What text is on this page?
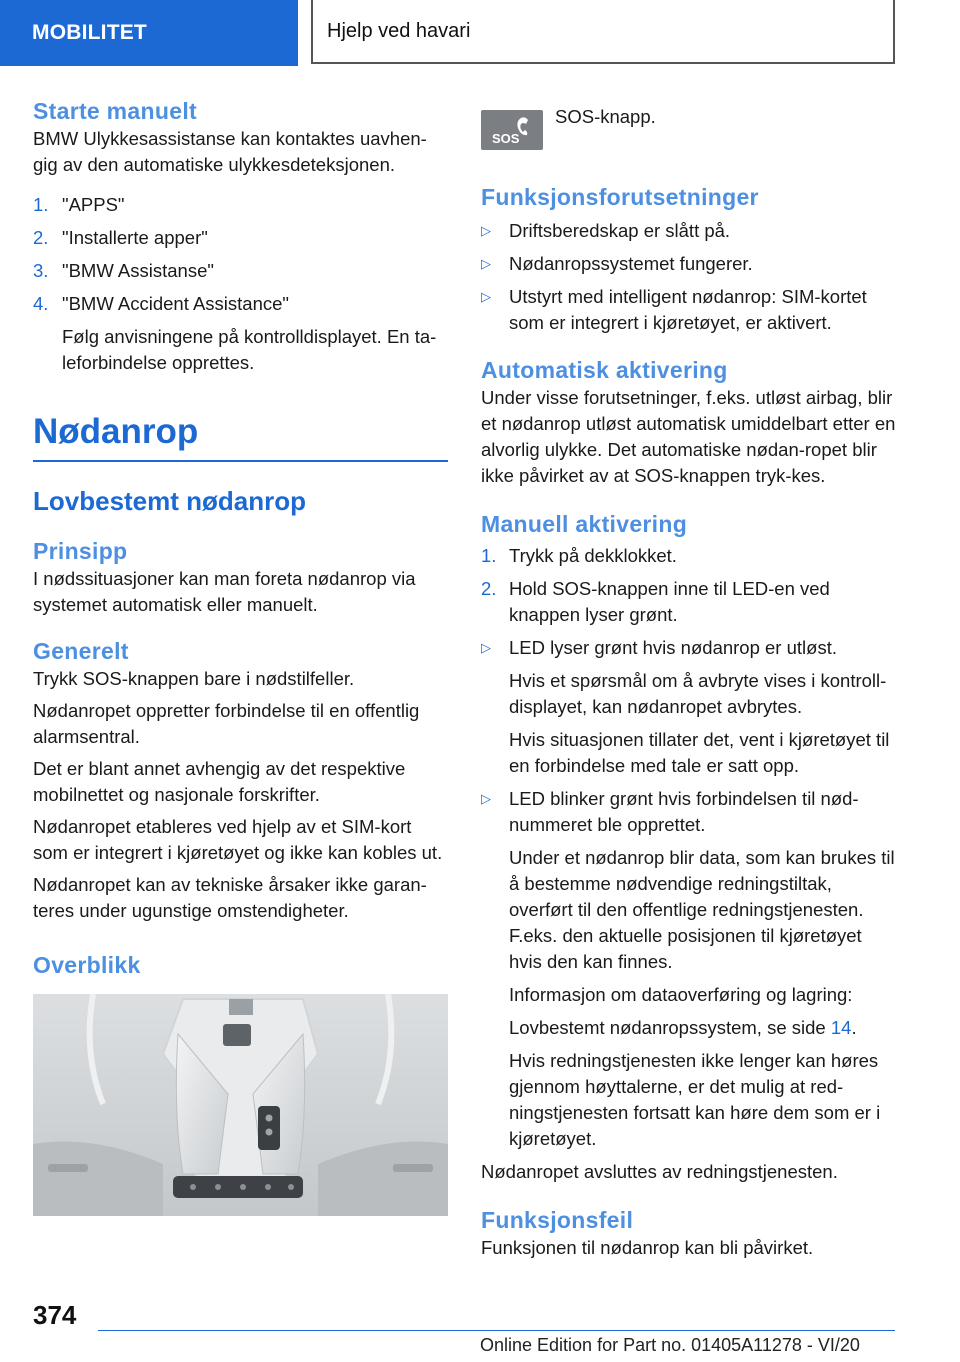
MOBILITET	Hjelp ved havari
Starte manuelt

BMW Ulykkesassistanse kan kontaktes uavhen-gig av den automatiske ulykkesdeteksjonen.

1. "APPS"
2. "Installerte apper"
3. "BMW Assistanse"
4. "BMW Accident Assistance"
Følg anvisningene på kontrolldisplayet. En ta-leforbindelse opprettes.
Nødanrop
Lovbestemt nødanrop
Prinsipp

I nødssituasjoner kan man foreta nødanrop via systemet automatisk eller manuelt.

Generelt

Trykk SOS-knappen bare i nødstilfeller.

Nødanropet oppretter forbindelse til en offentlig alarmsentral.

Det er blant annet avhengig av det respektive mobilnettet og nasjonale forskrifter.

Nødanropet etableres ved hjelp av et SIM-kort som er integrert i kjøretøyet og ikke kan kobles ut.

Nødanropet kan av tekniske årsaker ikke garan-teres under ugunstige omstendigheter.

Overblikk
SOS
SOS-knapp.
Funksjonsforutsetninger
▷ Driftsberedskap er slått på.
▷ Nødanropssystemet fungerer.
▷ Utstyrt med intelligent nødanrop: SIM-kortet som er integrert i kjøretøyet, er aktivert.
Automatisk aktivering

Under visse forutsetninger, f.eks. utløst airbag, blir et nødanrop utløst automatisk umiddelbart etter en alvorlig ulykke. Det automatiske nødan-ropet blir ikke påvirket av at SOS-knappen tryk-kes.

Manuell aktivering
1. Trykk på dekklokket.
2. Hold SOS-knappen inne til LED-en ved knappen lyser grønt.
▷ LED lyser grønt hvis nødanrop er utløst.
Hvis et spørsmål om å avbryte vises i kontroll-displayet, kan nødanropet avbrytes.
Hvis situasjonen tillater det, vent i kjøretøyet til en forbindelse med tale er satt opp.
▷ LED blinker grønt hvis forbindelsen til nød-nummeret ble opprettet.
Under et nødanrop blir data, som kan brukes til å bestemme nødvendige redningstiltak, overført til den offentlige redningstjenesten. F.eks. den aktuelle posisjonen til kjøretøyet hvis den kan finnes.
Informasjon om dataoverføring og lagring:
Lovbestemt nødanropssystem, se side 14.
Hvis redningstjenesten ikke lenger kan høres gjennom høyttalerne, er det mulig at red-ningstjenesten fortsatt kan høre dem som er i kjøretøyet.

Nødanropet avsluttes av redningstjenesten.

Funksjonsfeil

Funksjonen til nødanrop kan bli påvirket.

374
Online Edition for Part no. 01405A11278 - VI/20
